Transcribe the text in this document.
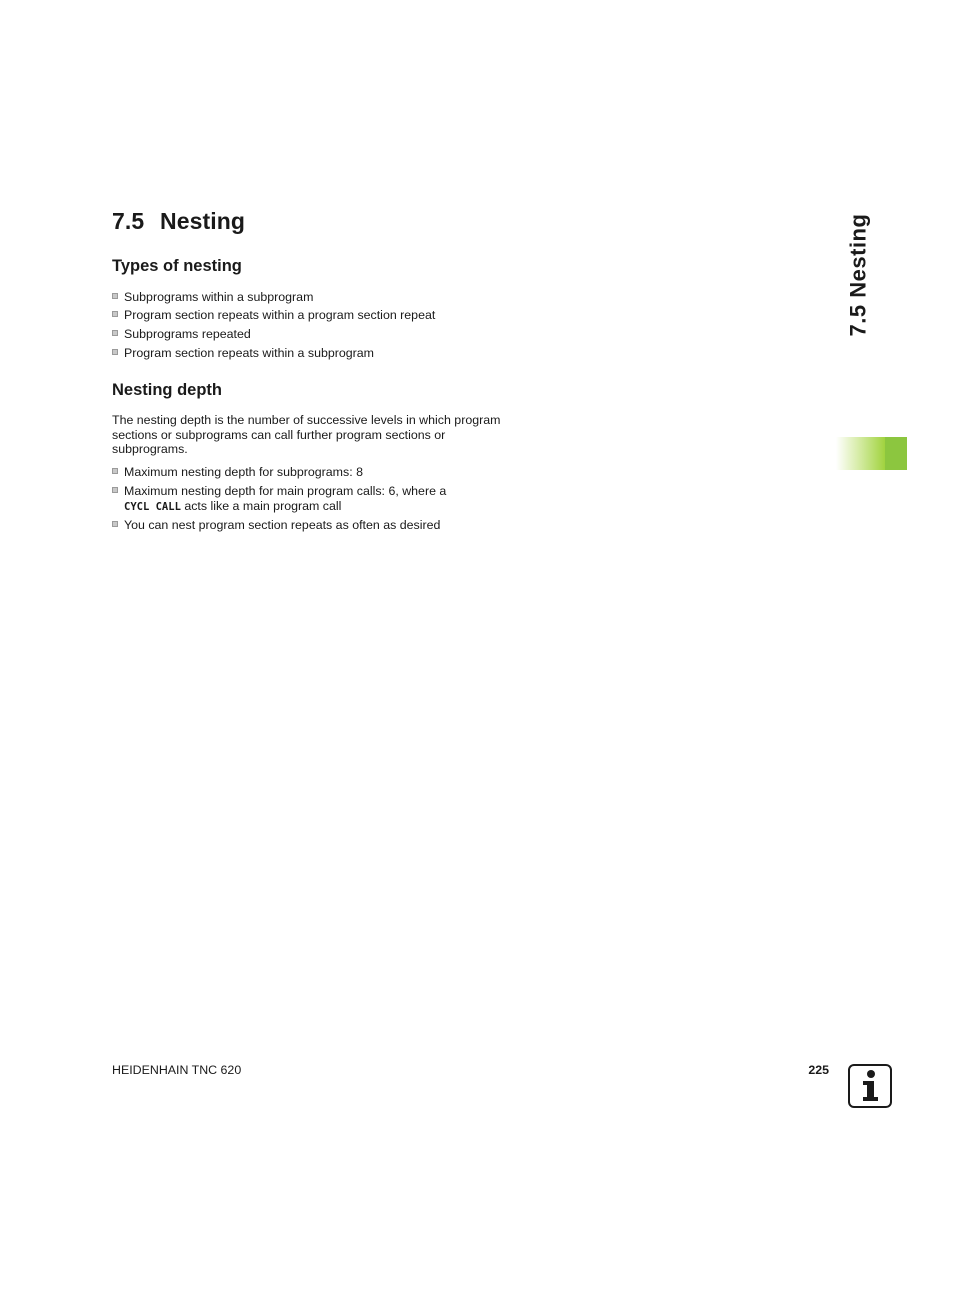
7.5 Nesting	7.5 Nesting
Types of nesting
Subprograms within a subprogram
Program section repeats within a program section repeat
Subprograms repeated
Program section repeats within a subprogram
Nesting depth

The nesting depth is the number of successive levels in which program sections or subprograms can call further program sections or subprograms.

Maximum nesting depth for subprograms: 8
Maximum nesting depth for main program calls: 6, where a
CYCL CALL acts like a main program call
You can nest program section repeats as often as desired
HEIDENHAIN TNC 620	225
